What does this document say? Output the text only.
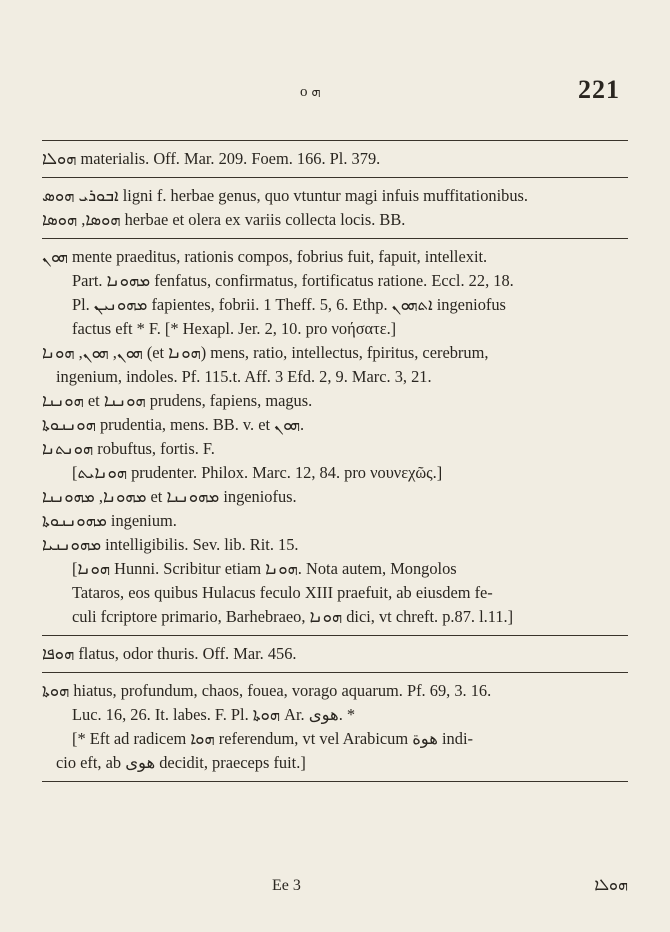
ο ܗ	221
ܗܘܠܐ materialis. Off. Mar. 209. Foem. 166. Pl. 379.
ܐܒܘܪܝ ܗܘܣ ligni f. herbae genus, quo vtuntur magi infuis muffitationibus.
ܗܘܣܐ, ܗܘܣܐ herbae et olera ex variis collecta locis. BB.
ܗܘܢ mente praeditus, rationis compos, fobrius fuit, fapuit, intellexit.
Part. ܡܗܘܢܐ fenfatus, confirmatus, fortificatus ratione. Eccl. 22, 18.
Pl. ܡܗܘܢܝܢ fapientes, fobrii. 1 Theff. 5, 6. Ethp. ܐܬܗܘܢ ingeniofus
factus eft * F. [* Hexapl. Jer. 2, 10. pro νοήσατε.]
ܗܘܢ, ܗܘܢ, ܗܘܢܐ (et ܗܘܢܐ) mens, ratio, intellectus, fpiritus, cerebrum,
ingenium, indoles. Pf. 115.t. Aff. 3 Efd. 2, 9. Marc. 3, 21.
ܗܘܢܢܐ et ܗܘܢܢܐ prudens, fapiens, magus.
ܗܘܢܢܘܬܐ prudentia, mens. BB. v. et ܗܘܢ.
ܗܘܢܬܢܐ robuftus, fortis. F.
[ܗܘܢܐܝܬ prudenter. Philox. Marc. 12, 84. pro νουνεχῶς.]
ܡܗܘܢܐ, ܡܗܘܢܢܐ et ܡܗܘܢܢܐ ingeniofus.
ܡܗܘܢܢܘܬܐ ingenium.
ܡܗܘܢܢܝܐ intelligibilis. Sev. lib. Rit. 15.
[ܗܘܢܐ Hunni. Scribitur etiam ܗܘܢܐ. Nota autem, Mongolos
Tataros, eos quibus Hulacus feculo XIII praefuit, ab eiusdem fe-
culi fcriptore primario, Barhebraeo, ܗܘܢܐ dici, vt chreft. p.87. l.11.]
ܗܘܦܐ flatus, odor thuris. Off. Mar. 456.
ܗܘܬܐ hiatus, profundum, chaos, fouea, vorago aquarum. Pf. 69, 3. 16.
Luc. 16, 26. It. labes. F. Pl. ܗܘܬܐ Ar. هوى. *
[* Eft ad radicem ܗܘܐ referendum, vt vel Arabicum هوة indi-
cio eft, ab هوى decidit, praeceps fuit.]
Ee 3	ܗܘܠܐ
